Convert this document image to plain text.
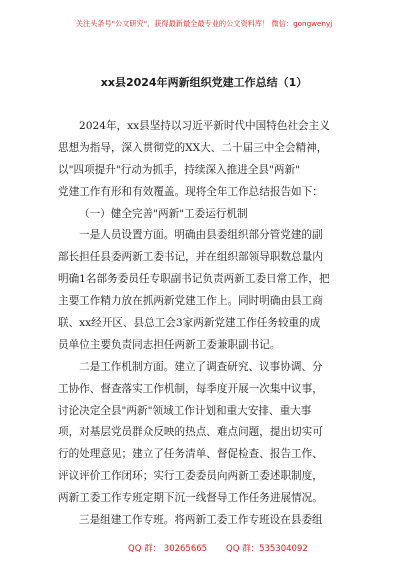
关注头条号"公文研究"，获得最新最全最专业的公文资料库！ 微信：gongwenyj
xx县2024年两新组织党建工作总结（1）
2024年，xx县坚持以习近平新时代中国特色社会主义
思想为指导，深入贯彻党的XX大、二十届三中全会精神，
以"四项提升"行动为抓手，持续深入推进全县"两新"
党建工作有形和有效覆盖。现将全年工作总结报告如下：
（一）健全完善"两新"工委运行机制
一是人员设置方面。明确由县委组织部分管党建的副
部长担任县委两新工委书记，并在组织部领导职数总量内
明确1名部务委员任专职副书记负责两新工委日常工作，把
主要工作精力放在抓两新党建工作上。同时明确由县工商
联、xx经开区、县总工会3家两新党建工作任务较重的成
员单位主要负责同志担任两新工委兼职副书记。
二是工作机制方面。建立了调查研究、议事协调、分
工协作、督查落实工作机制，每季度开展一次集中议事，
讨论决定全县"两新"领域工作计划和重大安排、重大事
项，对基层党员群众反映的热点、难点问题，提出切实可
行的处理意见；建立了任务清单、督促检查、报告工作、
评议评价工作闭环；实行工委委员向两新工委述职制度，
两新工委工作专班定期下沉一线督导工作任务进展情况。
三是组建工作专班。将两新工委工作专班设在县委组
QQ 群： 30265665 QQ 群：535304092
